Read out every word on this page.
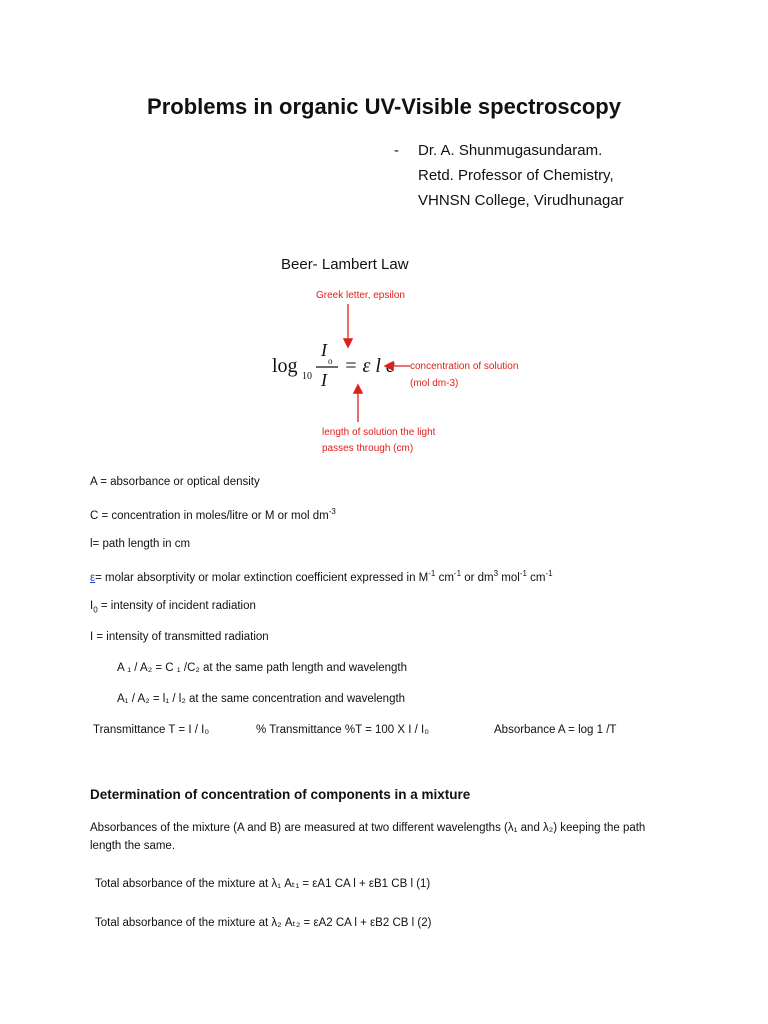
Problems in organic UV-Visible spectroscopy
- Dr. A. Shunmugasundaram.
Retd. Professor of Chemistry,
VHNSN College, Virudhunagar
Beer- Lambert Law
Greek letter, epsilon
log 10
I
o
I
= ε l c concentration of solution
(mol dm-3)
length of solution the light
passes through (cm)
A = absorbance or optical density
C = concentration in moles/litre or M or mol $dm^{-3}$
l= path length in cm
ε= molar absorptivity or molar extinction coefficient expressed in $M^{-1}$ $cm^{-1}$ or $dm^3$ mol$^{-1}$ $cm^{-1}$
$I_0$ = intensity of incident radiation
I = intensity of transmitted radiation
A ₁ / A₂ = C ₁ /C₂ at the same path length and wavelength
A₁ / A₂ = l₁ / l₂ at the same concentration and wavelength
Transmittance T = I / I₀	% Transmittance %T = 100 X I / I₀	Absorbance A = log 1 /T
Determination of concentration of components in a mixture
Absorbances of the mixture (A and B) are measured at two different wavelengths (λ₁ and λ₂) keeping the path
length the same.
Total absorbance of the mixture at λ₁ Aₜ₁ = εA1 CA l + εB1 CB l (1)
Total absorbance of the mixture at λ₂ Aₜ₂ = εA2 CA l + εB2 CB l (2)
